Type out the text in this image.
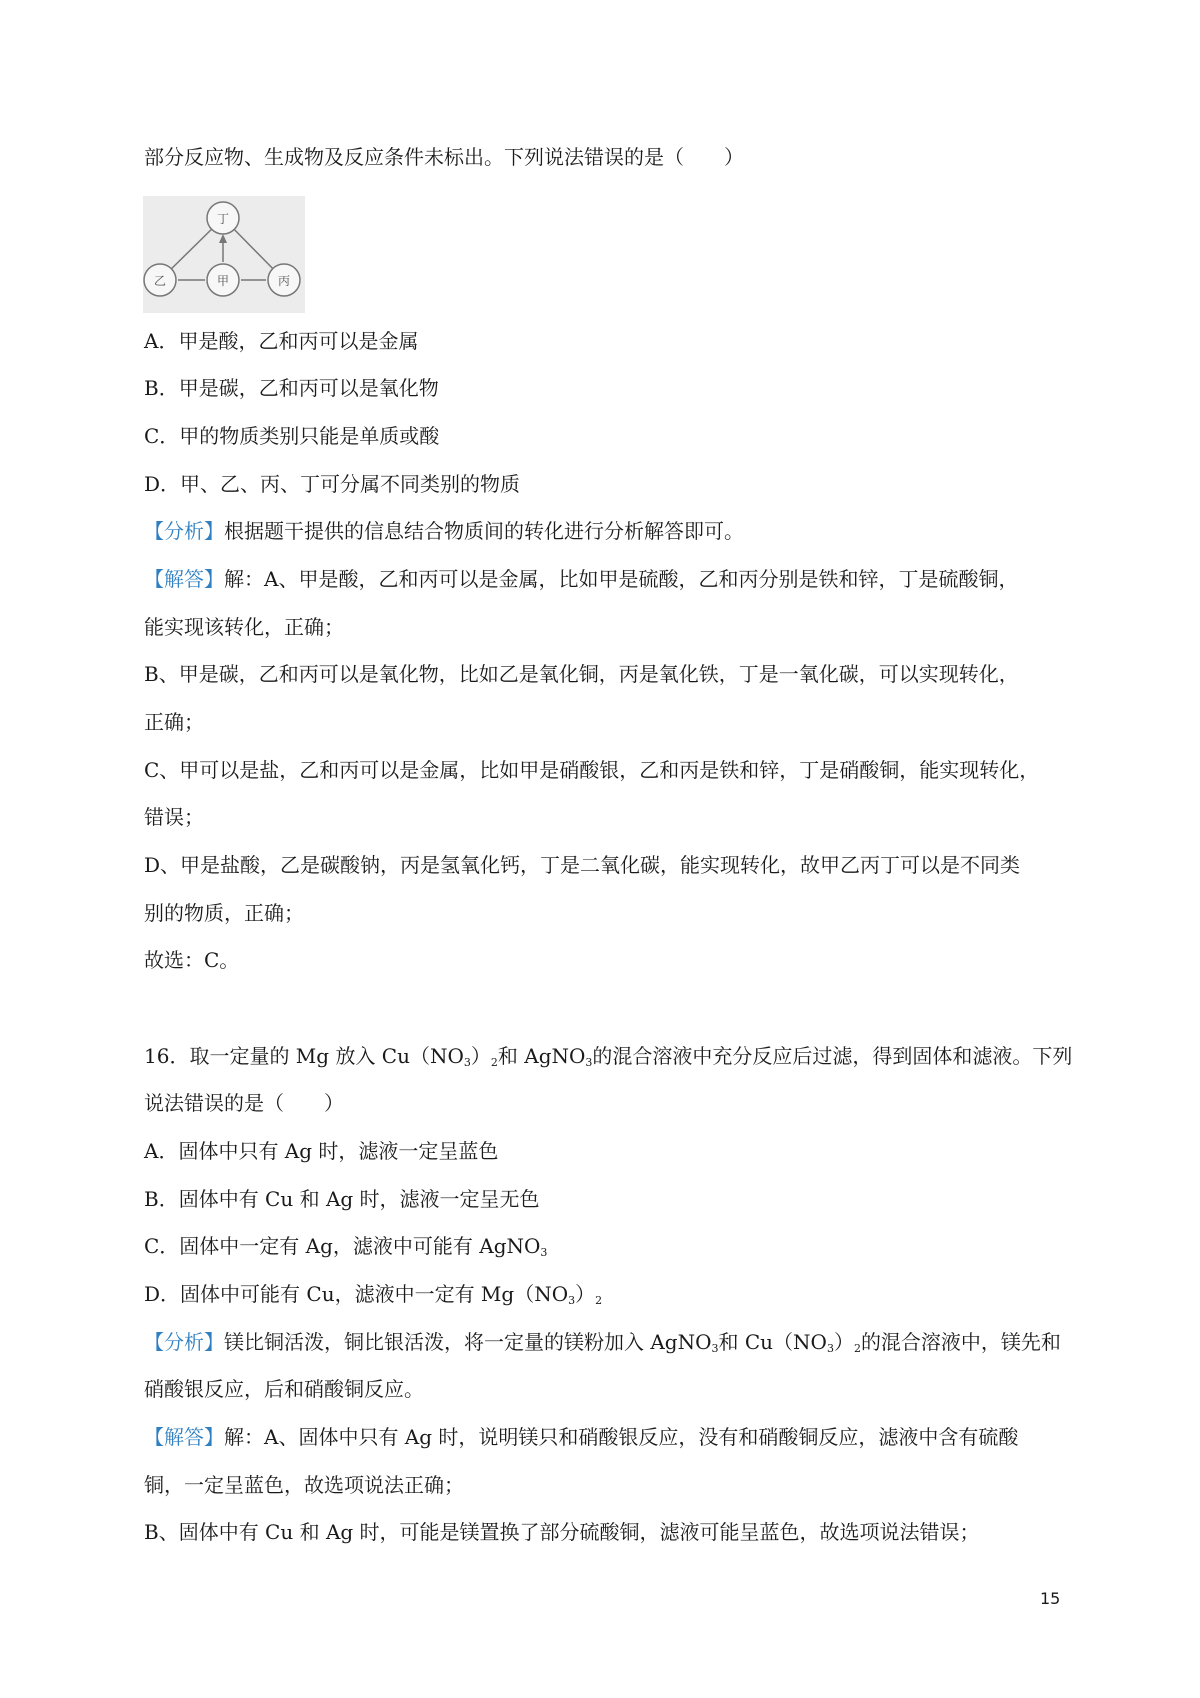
部分反应物、生成物及反应条件未标出。下列说法错误的是（　　）
丁
乙	甲	丙
A．甲是酸，乙和丙可以是金属
B．甲是碳，乙和丙可以是氧化物
C．甲的物质类别只能是单质或酸
D．甲、乙、丙、丁可分属不同类别的物质
【分析】根据题干提供的信息结合物质间的转化进行分析解答即可。
【解答】解：A、甲是酸，乙和丙可以是金属，比如甲是硫酸，乙和丙分别是铁和锌，丁是硫酸铜，
能实现该转化，正确；
B、甲是碳，乙和丙可以是氧化物，比如乙是氧化铜，丙是氧化铁，丁是一氧化碳，可以实现转化，
正确；
C、甲可以是盐，乙和丙可以是金属，比如甲是硝酸银，乙和丙是铁和锌，丁是硝酸铜，能实现转化，
错误；
D、甲是盐酸，乙是碳酸钠，丙是氢氧化钙，丁是二氧化碳，能实现转化，故甲乙丙丁可以是不同类
别的物质，正确；
故选：C。
16．取一定量的 Mg 放入 $Cu(NO_3)_2$和 AgNO$_3$的混合溶液中充分反应后过滤，得到固体和滤液。下列
说法错误的是（　　）
A．固体中只有 Ag 时，滤液一定呈蓝色
B．固体中有 Cu 和 Ag 时，滤液一定呈无色
C．固体中一定有 Ag，滤液中可能有 AgNO$_3$
D．固体中可能有 Cu，滤液中一定有 $Mg(NO_3)_2$
【分析】镁比铜活泼，铜比银活泼，将一定量的镁粉加入 AgNO$_3$和 $Cu(NO_3)_2$的混合溶液中，镁先和
硝酸银反应，后和硝酸铜反应。
【解答】解：A、固体中只有 Ag 时，说明镁只和硝酸银反应，没有和硝酸铜反应，滤液中含有硫酸
铜，一定呈蓝色，故选项说法正确；
B、固体中有 Cu 和 Ag 时，可能是镁置换了部分硫酸铜，滤液可能呈蓝色，故选项说法错误；
15
